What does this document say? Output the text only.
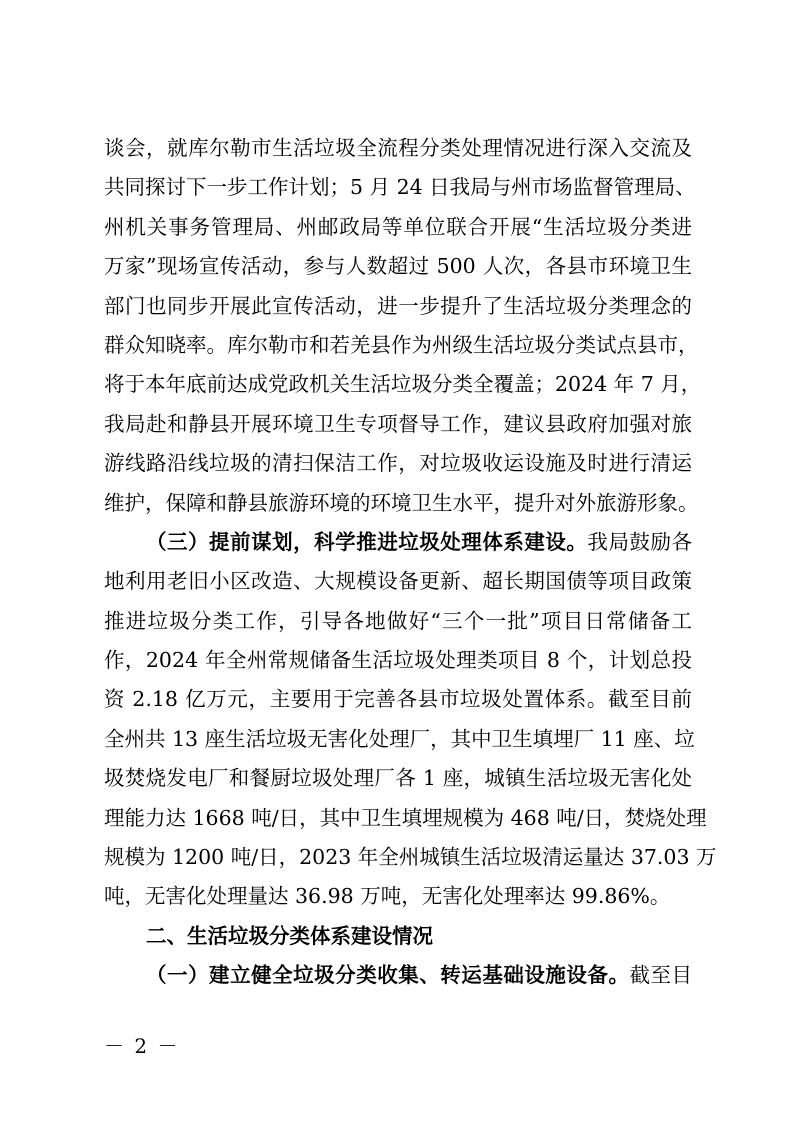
谈会，就库尔勒市生活垃圾全流程分类处理情况进行深入交流及
共同探讨下一步工作计划；5 月 24 日我局与州市场监督管理局、
州机关事务管理局、州邮政局等单位联合开展“生活垃圾分类进
万家”现场宣传活动，参与人数超过 500 人次，各县市环境卫生
部门也同步开展此宣传活动，进一步提升了生活垃圾分类理念的
群众知晓率。库尔勒市和若羌县作为州级生活垃圾分类试点县市，
将于本年底前达成党政机关生活垃圾分类全覆盖；2024 年 7 月，
我局赴和静县开展环境卫生专项督导工作，建议县政府加强对旅
游线路沿线垃圾的清扫保洁工作，对垃圾收运设施及时进行清运
维护，保障和静县旅游环境的环境卫生水平，提升对外旅游形象。
（三）提前谋划，科学推进垃圾处理体系建设。我局鼓励各
地利用老旧小区改造、大规模设备更新、超长期国债等项目政策
推进垃圾分类工作，引导各地做好“三个一批”项目日常储备工
作，2024 年全州常规储备生活垃圾处理类项目 8 个，计划总投
资 2.18 亿万元，主要用于完善各县市垃圾处置体系。截至目前
全州共 13 座生活垃圾无害化处理厂，其中卫生填埋厂 11 座、垃
圾焚烧发电厂和餐厨垃圾处理厂各 1 座，城镇生活垃圾无害化处
理能力达 1668 吨/日，其中卫生填埋规模为 468 吨/日，焚烧处理
规模为 1200 吨/日，2023 年全州城镇生活垃圾清运量达 37.03 万
吨，无害化处理量达 36.98 万吨，无害化处理率达 99.86%。
二、生活垃圾分类体系建设情况
（一）建立健全垃圾分类收集、转运基础设施设备。截至目
－ 2 －
